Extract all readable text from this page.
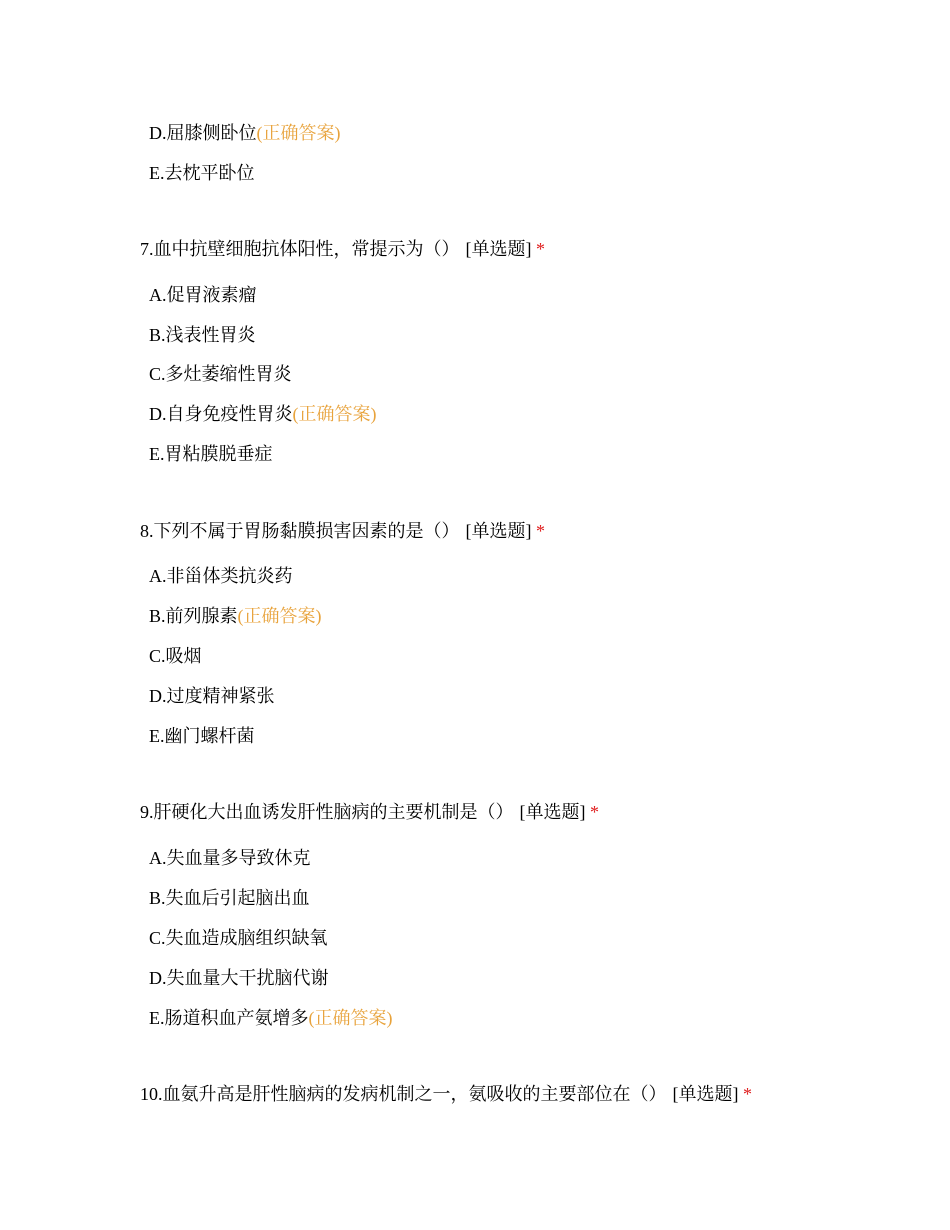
D.屈膝侧卧位(正确答案)
E.去枕平卧位
7.血中抗壁细胞抗体阳性，常提示为（） [单选题] *
A.促胃液素瘤
B.浅表性胃炎
C.多灶萎缩性胃炎
D.自身免疫性胃炎(正确答案)
E.胃粘膜脱垂症
8.下列不属于胃肠黏膜损害因素的是（） [单选题] *
A.非甾体类抗炎药
B.前列腺素(正确答案)
C.吸烟
D.过度精神紧张
E.幽门螺杆菌
9.肝硬化大出血诱发肝性脑病的主要机制是（） [单选题] *
A.失血量多导致休克
B.失血后引起脑出血
C.失血造成脑组织缺氧
D.失血量大干扰脑代谢
E.肠道积血产氨增多(正确答案)
10.血氨升高是肝性脑病的发病机制之一，氨吸收的主要部位在（） [单选题] *
